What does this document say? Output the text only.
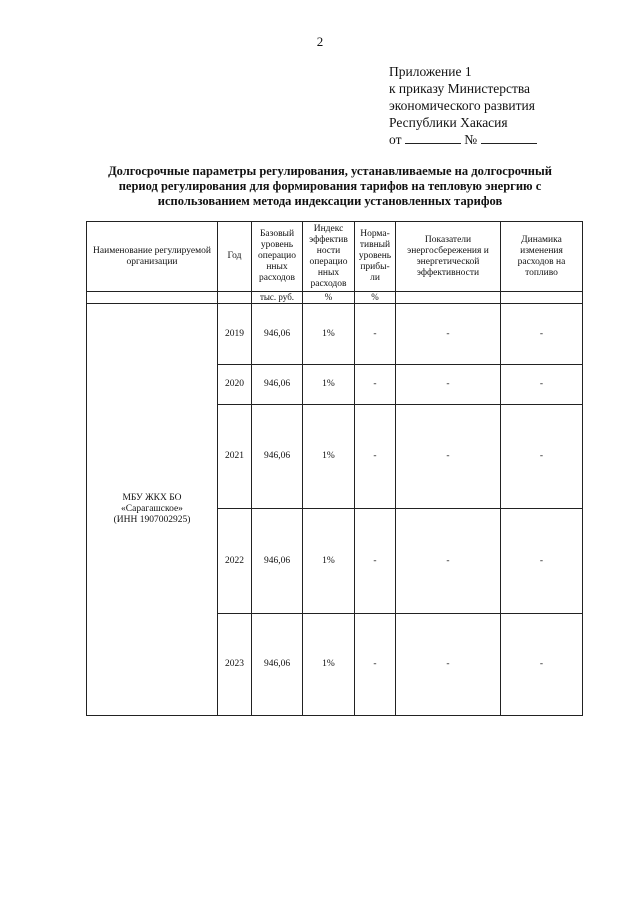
2
Приложение 1
к приказу Министерства
экономического развития
Республики Хакасия
от	№
Долгосрочные параметры регулирования, устанавливаемые на долгосрочный
период регулирования для формирования тарифов на тепловую энергию с
использованием метода индексации установленных тарифов
Наименование регулируемой организации	Год	Базовый уровень операцио нных расходов	Индекс эффектив ности операцио нных расходов	Норма- тивный уровень прибы- ли	Показатели энергосбережения и энергетической эффективности	Динамика изменения расходов на топливо
		тыс. руб.	%	%		

МБУ ЖКХ БО
«Сарагашское»
(ИНН 1907002925)	2019	946,06	1%	-	-	-
	2020	946,06	1%	-	-	-
	2021	946,06	1%	-	-	-
	2022	946,06	1%	-	-	-
	2023	946,06	1%	-	-	-
